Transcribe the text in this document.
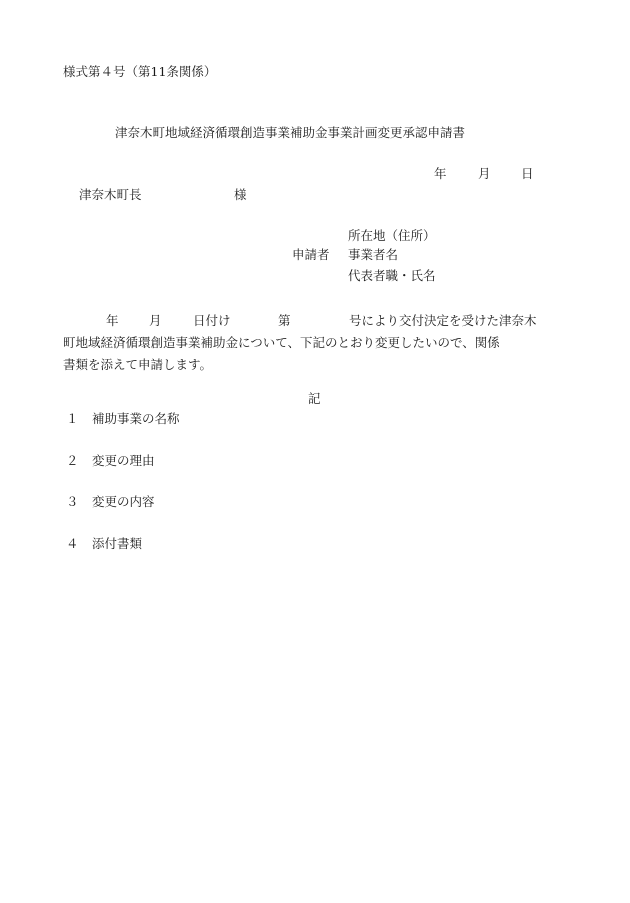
様式第４号（第11条関係）
津奈木町地域経済循環創造事業補助金事業計画変更承認申請書
年	月 日
津奈木町長	様
所在地（住所）
申請者 事業者名
代表者職・氏名
年 月	日付け	第	号により交付決定を受けた津奈木
町地域経済循環創造事業補助金について、下記のとおり変更したいので、関係
書類を添えて申請します。
記
１ 補助事業の名称
２ 変更の理由
３ 変更の内容
４ 添付書類
